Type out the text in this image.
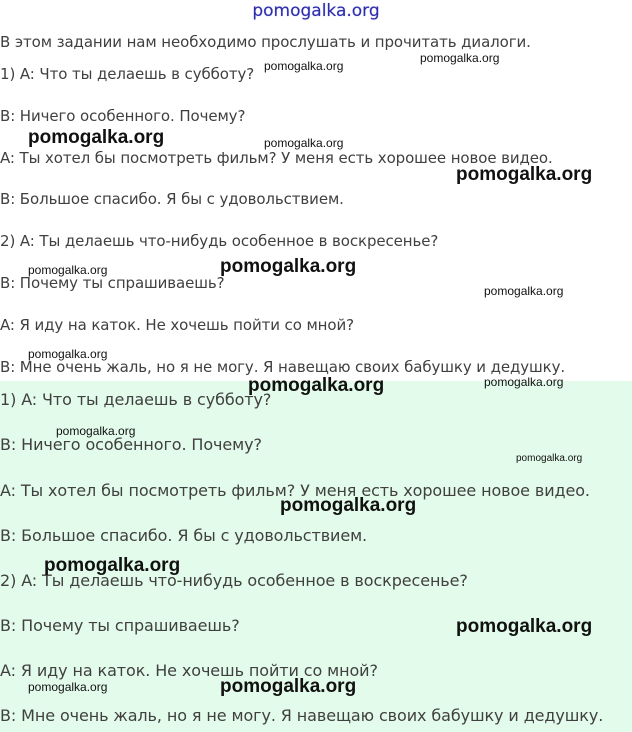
pomogalka.org
В этом задании нам необходимо прослушать и прочитать диалоги.
1) A: Что ты делаешь в субботу?
B: Ничего особенного. Почему?
A: Ты хотел бы посмотреть фильм? У меня есть хорошее новое видео.
B: Большое спасибо. Я бы с удовольствием.
2) A: Ты делаешь что-нибудь особенное в воскресенье?
B: Почему ты спрашиваешь?
A: Я иду на каток. Не хочешь пойти со мной?
B: Мне очень жаль, но я не могу. Я навещаю своих бабушку и дедушку.
1) A: Что ты делаешь в субботу?
B: Ничего особенного. Почему?
A: Ты хотел бы посмотреть фильм? У меня есть хорошее новое видео.
B: Большое спасибо. Я бы с удовольствием.
2) A: Ты делаешь что-нибудь особенное в воскресенье?
B: Почему ты спрашиваешь?
A: Я иду на каток. Не хочешь пойти со мной?
B: Мне очень жаль, но я не могу. Я навещаю своих бабушку и дедушку.
pomogalka.org
pomogalka.org
pomogalka.org	pomogalka.org
pomogalka.org
pomogalka.org	pomogalka.org
pomogalka.org
pomogalka.org
pomogalka.org	pomogalka.org
pomogalka.org
pomogalka.org
pomogalka.org
pomogalka.org
pomogalka.org
pomogalka.org	pomogalka.org
